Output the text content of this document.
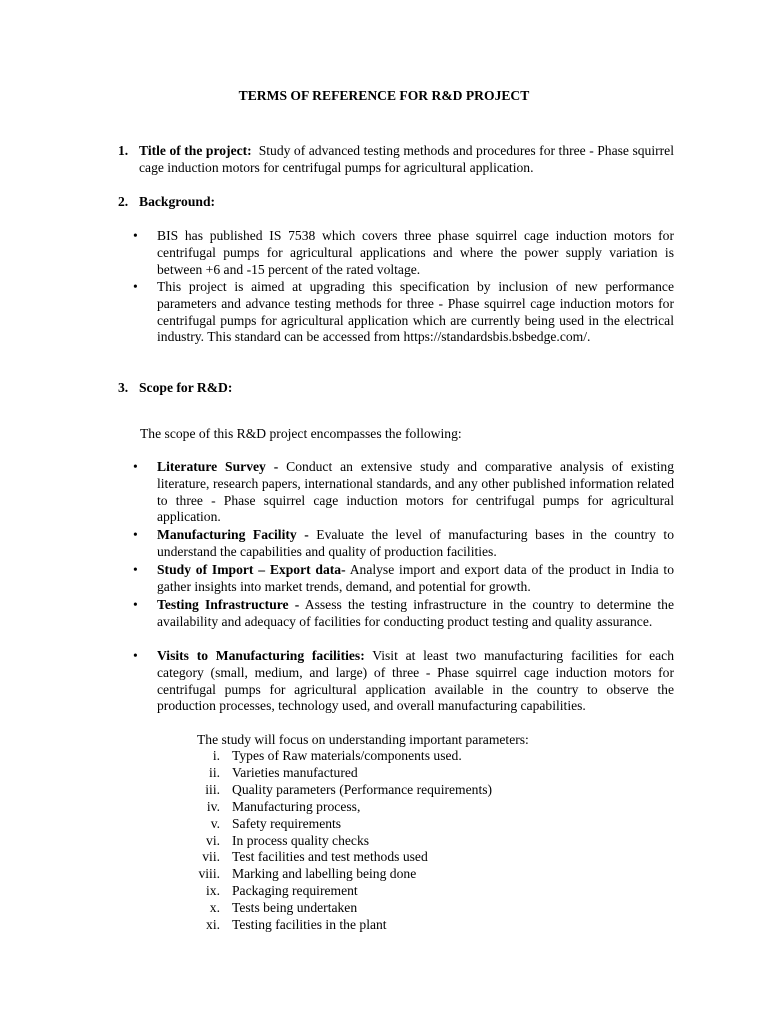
TERMS OF REFERENCE FOR R&D PROJECT
1. Title of the project: Study of advanced testing methods and procedures for three - Phase squirrel cage induction motors for centrifugal pumps for agricultural application.
2. Background:
• BIS has published IS 7538 which covers three phase squirrel cage induction motors for centrifugal pumps for agricultural applications and where the power supply variation is between +6 and -15 percent of the rated voltage.
• This project is aimed at upgrading this specification by inclusion of new performance parameters and advance testing methods for three - Phase squirrel cage induction motors for centrifugal pumps for agricultural application which are currently being used in the electrical industry. This standard can be accessed from https://standardsbis.bsbedge.com/.
3. Scope for R&D:
The scope of this R&D project encompasses the following:
• Literature Survey - Conduct an extensive study and comparative analysis of existing literature, research papers, international standards, and any other published information related to three - Phase squirrel cage induction motors for centrifugal pumps for agricultural application.
• Manufacturing Facility - Evaluate the level of manufacturing bases in the country to understand the capabilities and quality of production facilities.
• Study of Import – Export data- Analyse import and export data of the product in India to gather insights into market trends, demand, and potential for growth.
• Testing Infrastructure - Assess the testing infrastructure in the country to determine the availability and adequacy of facilities for conducting product testing and quality assurance.
• Visits to Manufacturing facilities: Visit at least two manufacturing facilities for each category (small, medium, and large) of three - Phase squirrel cage induction motors for centrifugal pumps for agricultural application available in the country to observe the production processes, technology used, and overall manufacturing capabilities.
The study will focus on understanding important parameters:
i. Types of Raw materials/components used.
ii. Varieties manufactured
iii. Quality parameters (Performance requirements)
iv. Manufacturing process,
v. Safety requirements
vi. In process quality checks
vii. Test facilities and test methods used
viii. Marking and labelling being done
ix. Packaging requirement
x. Tests being undertaken
xi. Testing facilities in the plant
